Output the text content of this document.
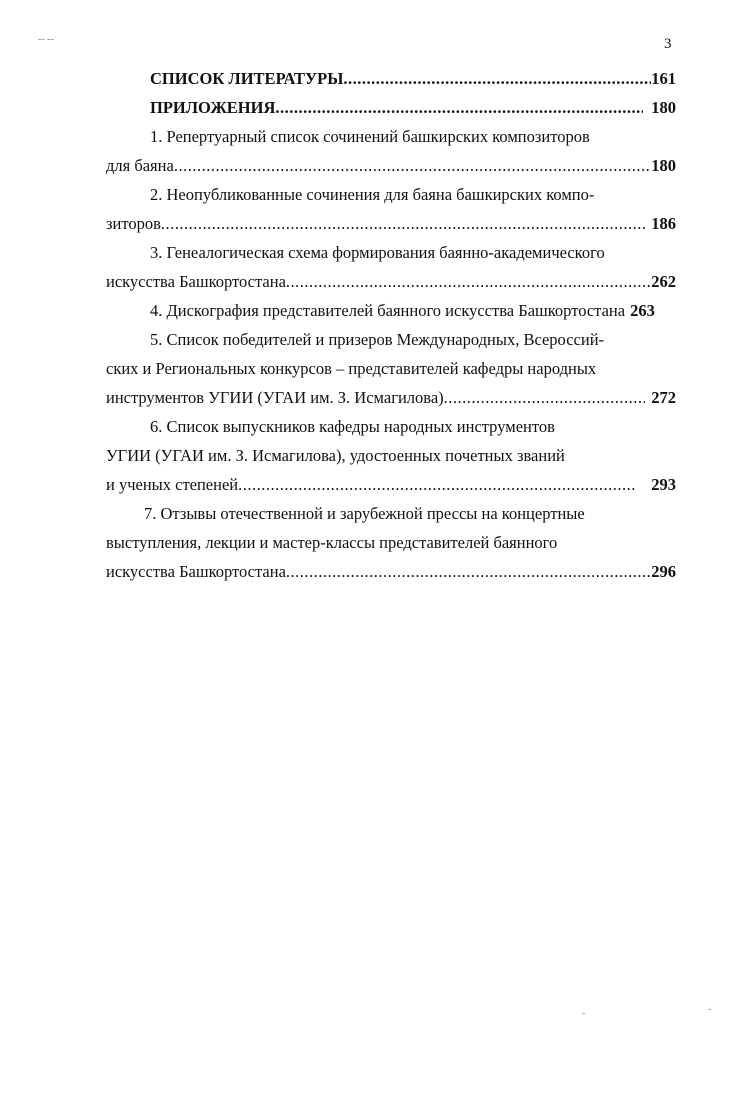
-- --	3
СПИСОК ЛИТЕРАТУРЫ .....	161
ПРИЛОЖЕНИЯ .....	180
1. Репертуарный список сочинений башкирских композиторов
для баяна .....	180
2. Неопубликованные сочинения для баяна башкирских компо-
зиторов .....	186
3. Генеалогическая схема формирования баянно-академического
искусства Башкортостана .....	262
4. Дискография представителей баянного искусства Башкортостана 263
5. Список победителей и призеров Международных, Всероссий-
ских и Региональных конкурсов – представителей кафедры народных
инструментов УГИИ (УГАИ им. З. Исмагилова) .....	272
6. Список выпускников кафедры народных инструментов
УГИИ (УГАИ им. З. Исмагилова), удостоенных почетных званий
и ученых степеней .....	293
7. Отзывы отечественной и зарубежной прессы на концертные
выступления, лекции и мастер-классы представителей баянного
искусства Башкортостана .....	296
-	-
